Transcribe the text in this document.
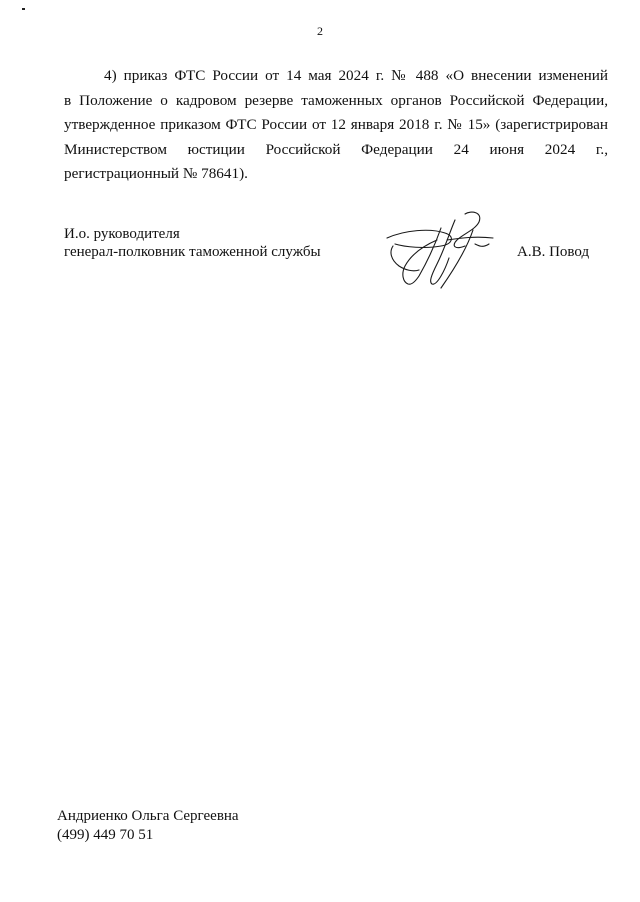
2
4) приказ ФТС России от 14 мая 2024 г. № 488 «О внесении изменений
в Положение о кадровом резерве таможенных органов Российской Федерации,
утвержденное приказом ФТС России от 12 января 2018 г. № 15» (зарегистрирован
Министерством юстиции Российской Федерации 24 июня 2024 г.,
регистрационный № 78641).
И.о. руководителя
генерал-полковник таможенной службы	А.В. Повод
Андриенко Ольга Сергеевна
(499) 449 70 51
